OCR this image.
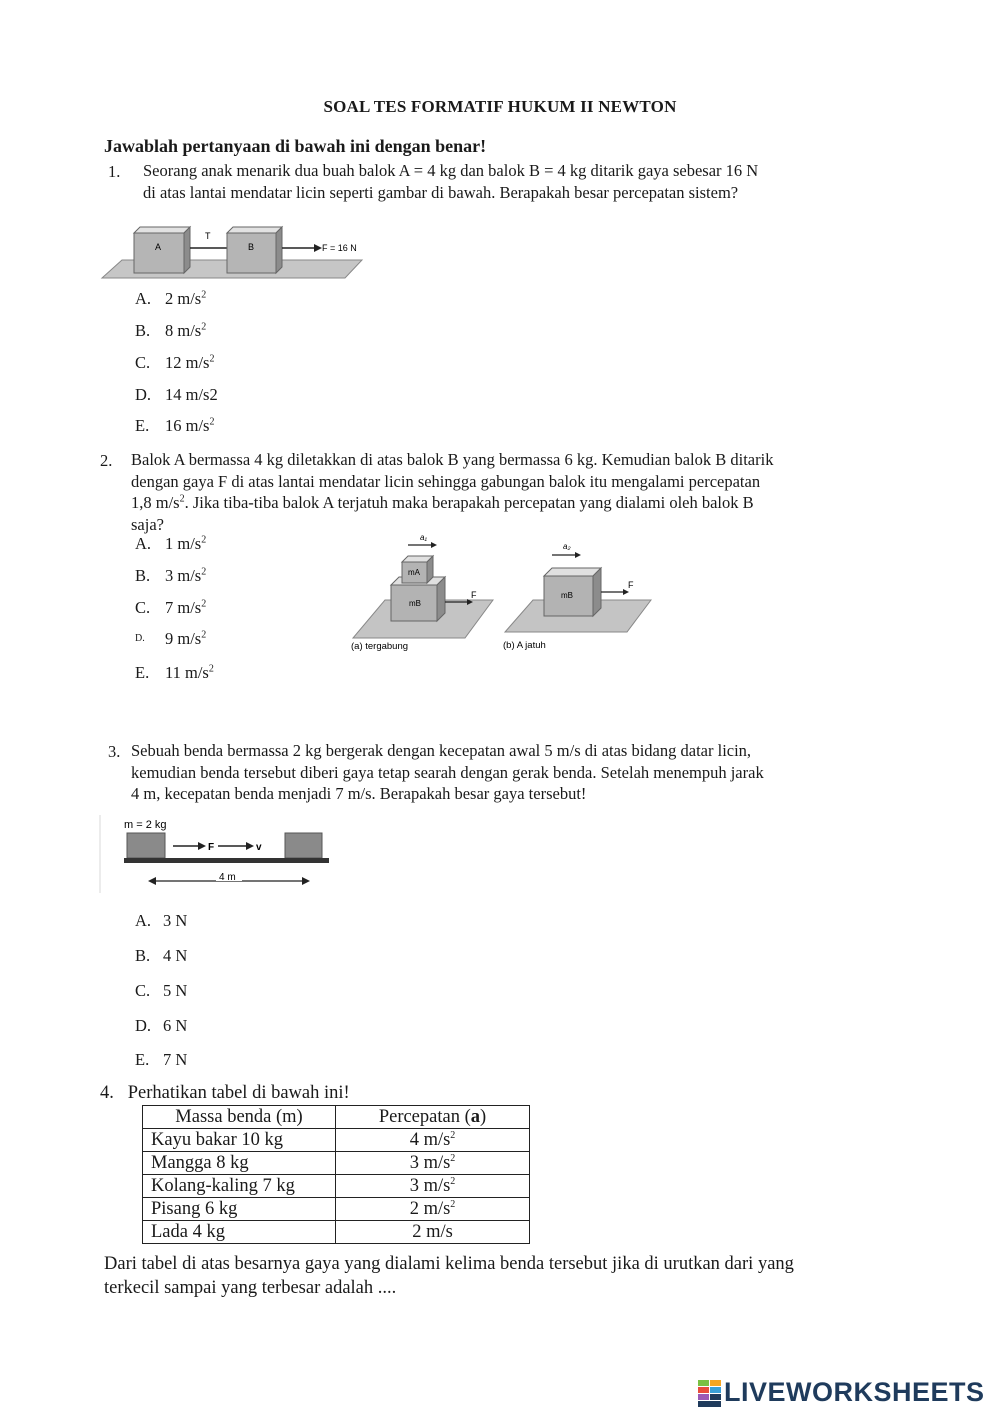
SOAL TES FORMATIF HUKUM II NEWTON
Jawablah pertanyaan di bawah ini dengan benar!
1. Seorang anak menarik dua buah balok A = 4 kg dan balok B = 4 kg ditarik gaya sebesar 16 N
di atas lantai mendatar licin seperti gambar di bawah. Berapakah besar percepatan sistem?
A
T
B	F = 16 N
A. 2 $m/s^2$
B. 8 $m/s^2$
C. 12 $m/s^2$
D. 14 m/s2
E. 16 $m/s^2$
2. Balok A bermassa 4 kg diletakkan di atas balok B yang bermassa 6 kg. Kemudian balok B ditarik
dengan gaya F di atas lantai mendatar licin sehingga gabungan balok itu mengalami percepatan
1,8 $m/s^2$. Jika tiba-tiba balok A terjatuh maka berapakah percepatan yang dialami oleh balok B
saja?
A. 1 $m/s^2$
B. 3 $m/s^2$
C. 7 $m/s^2$
D. 9 $m/s^2$
E. 11 $m/s^2$
mB
mA
a₁
F
(a) tergabung
mB
a₂
F
(b) A jatuh
3. Sebuah benda bermassa 2 kg bergerak dengan kecepatan awal 5 m/s di atas bidang datar licin,
kemudian benda tersebut diberi gaya tetap searah dengan gerak benda. Setelah menempuh jarak
4 m, kecepatan benda menjadi 7 m/s. Berapakah besar gaya tersebut!
m = 2 kg
F	v
4 m
A. 3 N
B. 4 N
C. 5 N
D. 6 N
E. 7 N
4. Perhatikan tabel di bawah ini!
Massa benda (m)	Percepatan (a)
Kayu bakar 10 kg	4 $m/s^2$
Mangga 8 kg	3 $m/s^2$
Kolang-kaling 7 kg	3 $m/s^2$
Pisang 6 kg	2 $m/s^2$
Lada 4 kg	2 m/s
Dari tabel di atas besarnya gaya yang dialami kelima benda tersebut jika di urutkan dari yang
terkecil sampai yang terbesar adalah ....
LIVEWORKSHEETS
